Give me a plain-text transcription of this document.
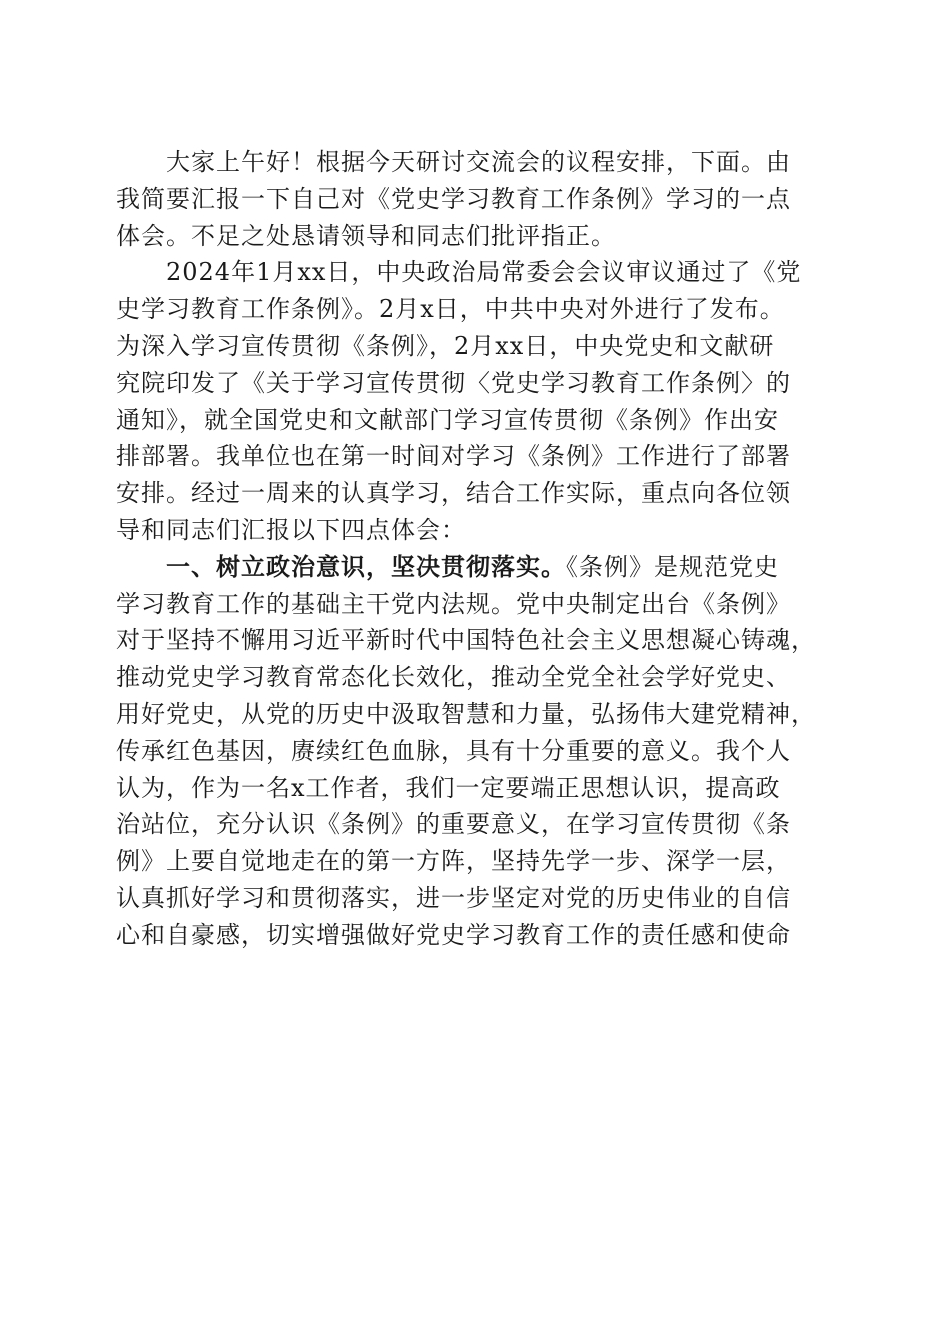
大家上午好！根据今天研讨交流会的议程安排，下面。由
我简要汇报一下自己对《党史学习教育工作条例》学习的一点
体会。不足之处恳请领导和同志们批评指正。

2024年1月xx日，中央政治局常委会会议审议通过了《党
史学习教育工作条例》。2月x日，中共中央对外进行了发布。
为深入学习宣传贯彻《条例》，2月xx日，中央党史和文献研
究院印发了《关于学习宣传贯彻〈党史学习教育工作条例〉的
通知》，就全国党史和文献部门学习宣传贯彻《条例》作出安
排部署。我单位也在第一时间对学习《条例》工作进行了部署
安排。经过一周来的认真学习，结合工作实际，重点向各位领
导和同志们汇报以下四点体会：

一、树立政治意识，坚决贯彻落实。《条例》是规范党史
学习教育工作的基础主干党内法规。党中央制定出台《条例》
对于坚持不懈用习近平新时代中国特色社会主义思想凝心铸魂，
推动党史学习教育常态化长效化，推动全党全社会学好党史、
用好党史，从党的历史中汲取智慧和力量，弘扬伟大建党精神，
传承红色基因，赓续红色血脉，具有十分重要的意义。我个人
认为，作为一名x工作者，我们一定要端正思想认识，提高政
治站位，充分认识《条例》的重要意义，在学习宣传贯彻《条
例》上要自觉地走在的第一方阵，坚持先学一步、深学一层，
认真抓好学习和贯彻落实，进一步坚定对党的历史伟业的自信
心和自豪感，切实增强做好党史学习教育工作的责任感和使命
